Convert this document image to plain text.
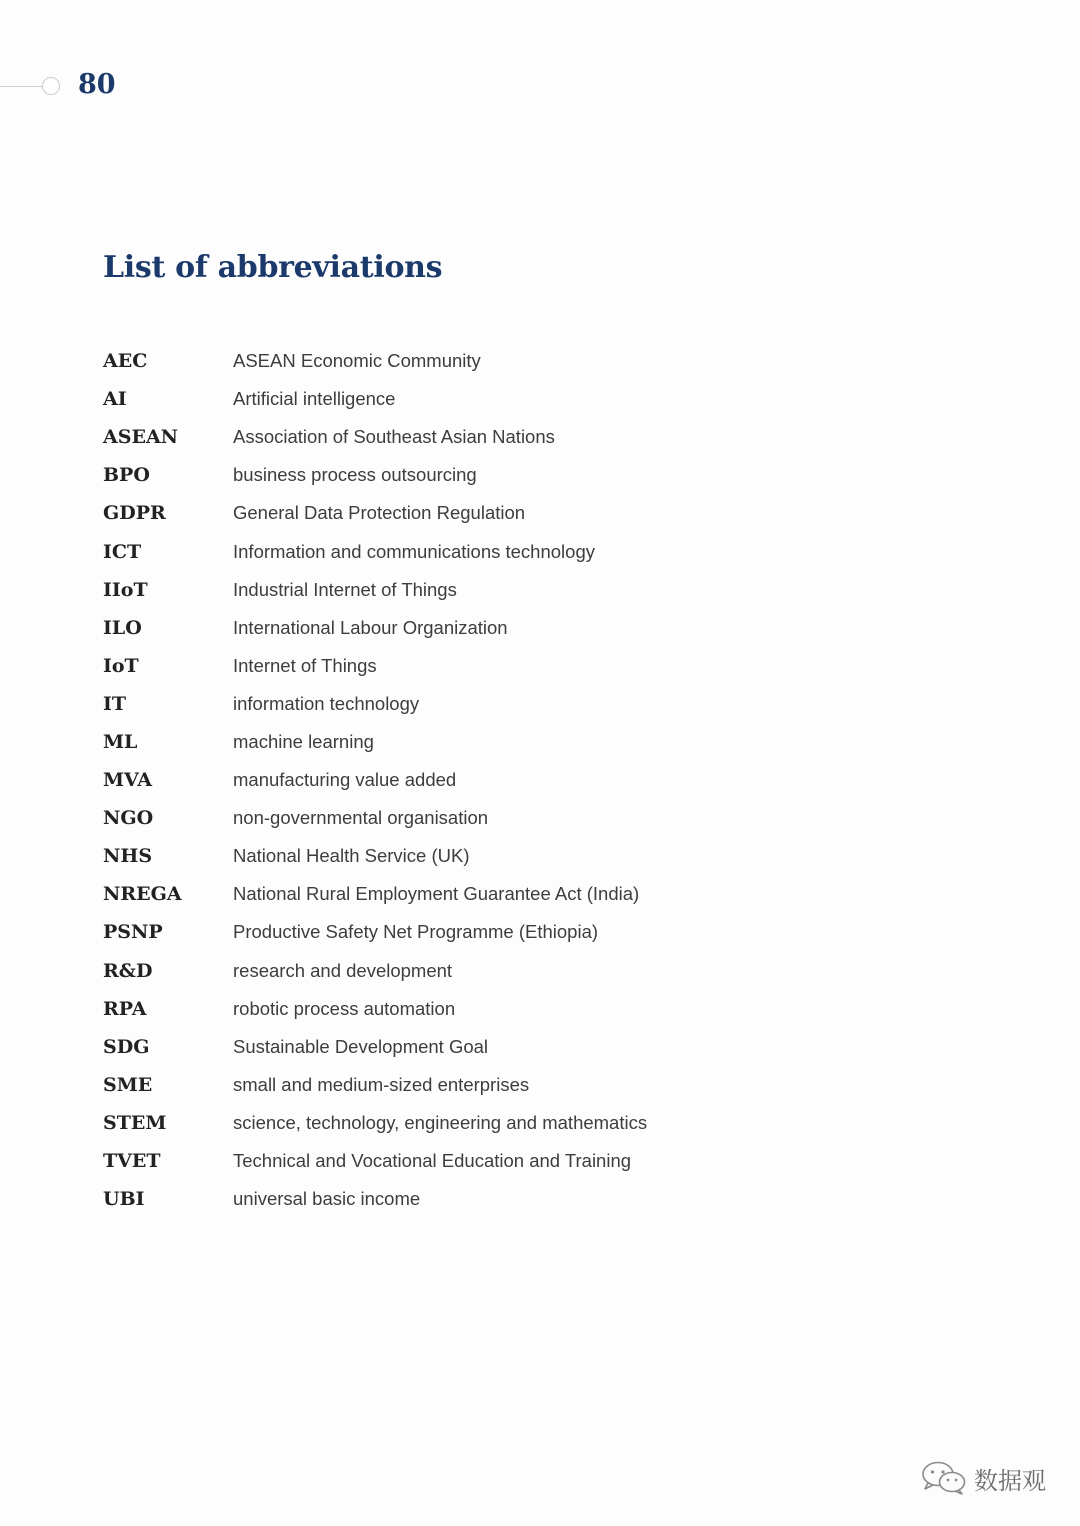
80
List of abbreviations
AEC	ASEAN Economic Community
AI	Artificial intelligence
ASEAN	Association of Southeast Asian Nations
BPO	business process outsourcing
GDPR	General Data Protection Regulation
ICT	Information and communications technology
IIoT	Industrial Internet of Things
ILO	International Labour Organization
IoT	Internet of Things
IT	information technology
ML	machine learning
MVA	manufacturing value added
NGO	non-governmental organisation
NHS	National Health Service (UK)
NREGA	National Rural Employment Guarantee Act (India)
PSNP	Productive Safety Net Programme (Ethiopia)
R&D	research and development
RPA	robotic process automation
SDG	Sustainable Development Goal
SME	small and medium-sized enterprises
STEM	science, technology, engineering and mathematics
TVET	Technical and Vocational Education and Training
UBI	universal basic income
数据观
